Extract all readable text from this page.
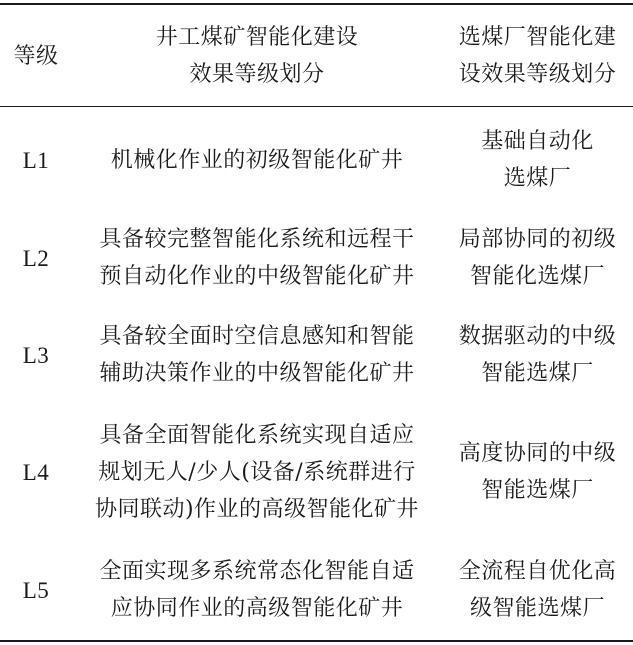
等级
井工煤矿智能化建设
效果等级划分
选煤厂智能化建
设效果等级划分
L1	机械化作业的初级智能化矿井
基础自动化
选煤厂
L2
具备较完整智能化系统和远程干
预自动化作业的中级智能化矿井
局部协同的初级
智能化选煤厂
L3
具备较全面时空信息感知和智能
辅助决策作业的中级智能化矿井
数据驱动的中级
智能选煤厂
L4
具备全面智能化系统实现自适应
规划无人/少人(设备/系统群进行
协同联动)作业的高级智能化矿井
高度协同的中级
智能选煤厂
L5
全面实现多系统常态化智能自适
应协同作业的高级智能化矿井
全流程自优化高
级智能选煤厂
